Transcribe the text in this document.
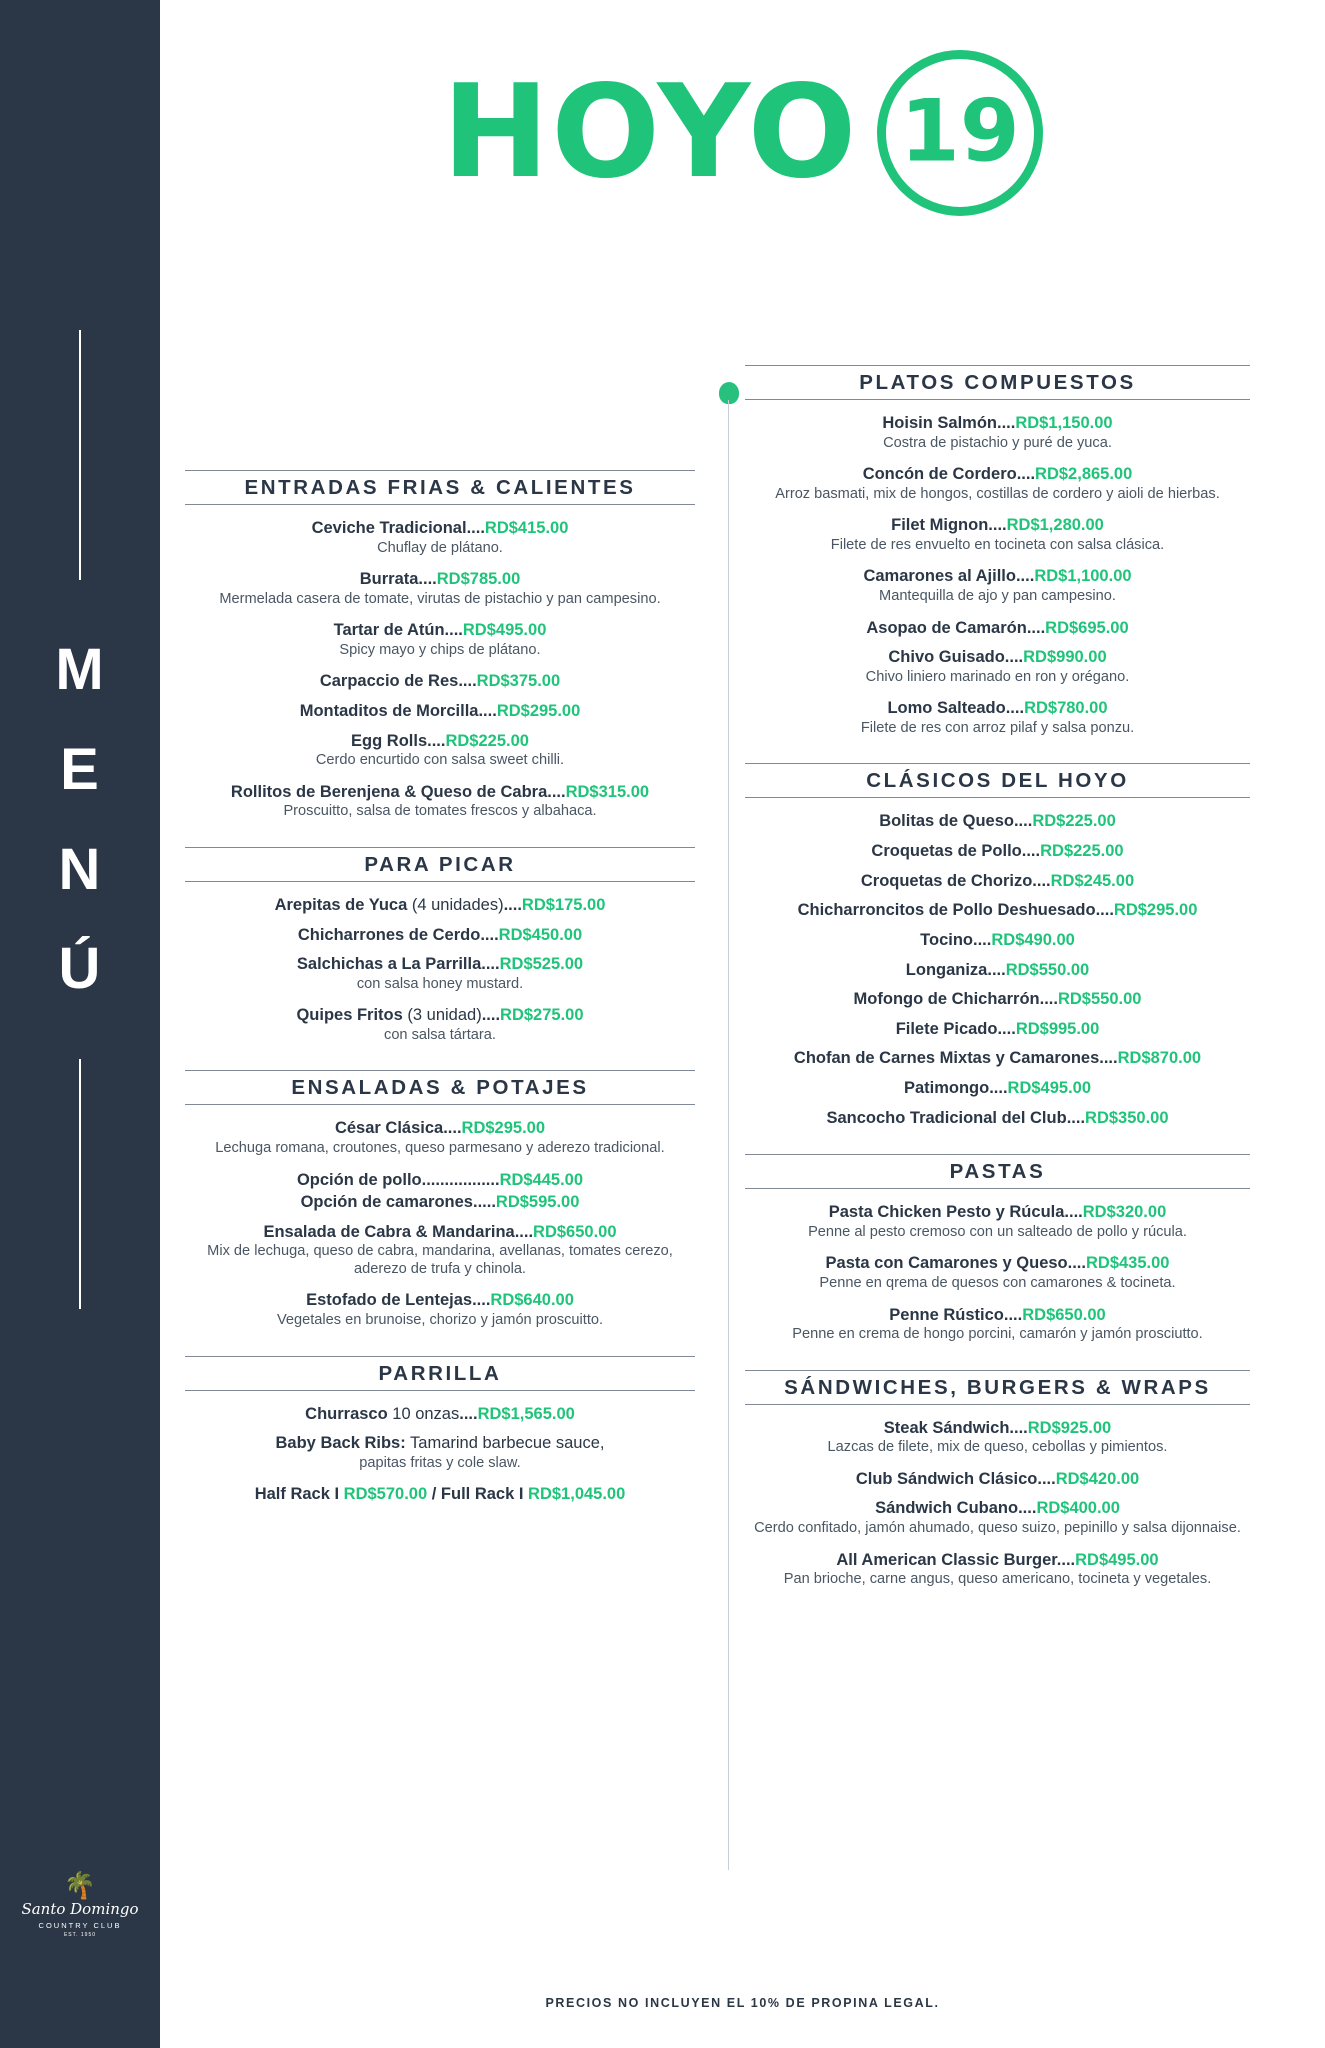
M
E
N
Ú
🌴
Santo Domingo
COUNTRY CLUB
EST. 1950
HOYO 19
ENTRADAS FRIAS & CALIENTES
Ceviche Tradicional....RD$415.00
Chuflay de plátano.
Burrata....RD$785.00
Mermelada casera de tomate, virutas de pistachio y pan campesino.
Tartar de Atún....RD$495.00
Spicy mayo y chips de plátano.
Carpaccio de Res....RD$375.00
Montaditos de Morcilla....RD$295.00
Egg Rolls....RD$225.00
Cerdo encurtido con salsa sweet chilli.
Rollitos de Berenjena & Queso de Cabra....RD$315.00
Proscuitto, salsa de tomates frescos y albahaca.
PARA PICAR
Arepitas de Yuca (4 unidades)....RD$175.00
Chicharrones de Cerdo....RD$450.00
Salchichas a La Parrilla....RD$525.00
con salsa honey mustard.
Quipes Fritos (3 unidad)....RD$275.00
con salsa tártara.
ENSALADAS & POTAJES
César Clásica....RD$295.00
Lechuga romana, croutones, queso parmesano y aderezo tradicional.
Opción de pollo.................RD$445.00
Opción de camarones.....RD$595.00
Ensalada de Cabra & Mandarina....RD$650.00
Mix de lechuga, queso de cabra, mandarina, avellanas, tomates cerezo, aderezo de trufa y chinola.
Estofado de Lentejas....RD$640.00
Vegetales en brunoise, chorizo y jamón proscuitto.
PARRILLA
Churrasco 10 onzas....RD$1,565.00
Baby Back Ribs: Tamarind barbecue sauce,
papitas fritas y cole slaw.
Half Rack I RD$570.00 / Full Rack I RD$1,045.00
PLATOS COMPUESTOS
Hoisin Salmón....RD$1,150.00
Costra de pistachio y puré de yuca.
Concón de Cordero....RD$2,865.00
Arroz basmati, mix de hongos, costillas de cordero y aioli de hierbas.
Filet Mignon....RD$1,280.00
Filete de res envuelto en tocineta con salsa clásica.
Camarones al Ajillo....RD$1,100.00
Mantequilla de ajo y pan campesino.
Asopao de Camarón....RD$695.00
Chivo Guisado....RD$990.00
Chivo liniero marinado en ron y orégano.
Lomo Salteado....RD$780.00
Filete de res con arroz pilaf y salsa ponzu.
CLÁSICOS DEL HOYO
Bolitas de Queso....RD$225.00
Croquetas de Pollo....RD$225.00
Croquetas de Chorizo....RD$245.00
Chicharroncitos de Pollo Deshuesado....RD$295.00
Tocino....RD$490.00
Longaniza....RD$550.00
Mofongo de Chicharrón....RD$550.00
Filete Picado....RD$995.00
Chofan de Carnes Mixtas y Camarones....RD$870.00
Patimongo....RD$495.00
Sancocho Tradicional del Club....RD$350.00
PASTAS
Pasta Chicken Pesto y Rúcula....RD$320.00
Penne al pesto cremoso con un salteado de pollo y rúcula.
Pasta con Camarones y Queso....RD$435.00
Penne en qrema de quesos con camarones & tocineta.
Penne Rústico....RD$650.00
Penne en crema de hongo porcini, camarón y jamón prosciutto.
SÁNDWICHES, BURGERS & WRAPS
Steak Sándwich....RD$925.00
Lazcas de filete, mix de queso, cebollas y pimientos.
Club Sándwich Clásico....RD$420.00
Sándwich Cubano....RD$400.00
Cerdo confitado, jamón ahumado, queso suizo, pepinillo y salsa dijonnaise.
All American Classic Burger....RD$495.00
Pan brioche, carne angus, queso americano, tocineta y vegetales.
PRECIOS NO INCLUYEN EL 10% DE PROPINA LEGAL.
